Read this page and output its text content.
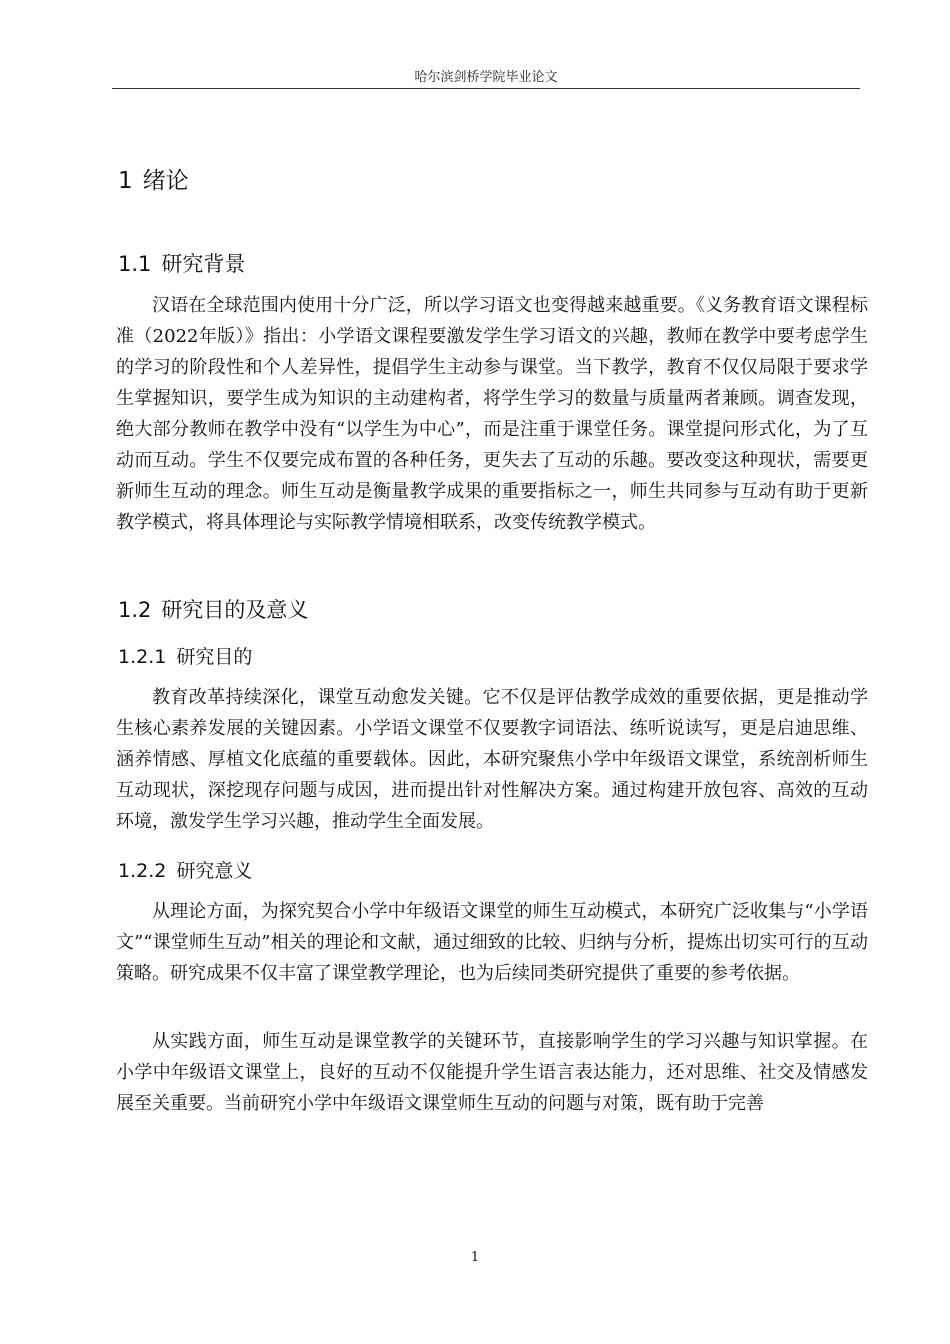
哈尔滨剑桥学院毕业论文
1 绪论
1.1 研究背景

汉语在全球范围内使用十分广泛，所以学习语文也变得越来越重要。《义务教育语文课程标准（2022年版）》指出：小学语文课程要激发学生学习语文的兴趣，教师在教学中要考虑学生的学习的阶段性和个人差异性，提倡学生主动参与课堂。当下教学，教育不仅仅局限于要求学生掌握知识，要学生成为知识的主动建构者，将学生学习的数量与质量两者兼顾。调查发现，绝大部分教师在教学中没有“以学生为中心”，而是注重于课堂任务。课堂提问形式化，为了互动而互动。学生不仅要完成布置的各种任务，更失去了互动的乐趣。要改变这种现状，需要更新师生互动的理念。师生互动是衡量教学成果的重要指标之一，师生共同参与互动有助于更新教学模式，将具体理论与实际教学情境相联系，改变传统教学模式。

1.2 研究目的及意义
1.2.1 研究目的

教育改革持续深化，课堂互动愈发关键。它不仅是评估教学成效的重要依据，更是推动学生核心素养发展的关键因素。小学语文课堂不仅要教字词语法、练听说读写，更是启迪思维、涵养情感、厚植文化底蕴的重要载体。因此，本研究聚焦小学中年级语文课堂，系统剖析师生互动现状，深挖现存问题与成因，进而提出针对性解决方案。通过构建开放包容、高效的互动环境，激发学生学习兴趣，推动学生全面发展。

1.2.2 研究意义

从理论方面，为探究契合小学中年级语文课堂的师生互动模式，本研究广泛收集与“小学语文”“课堂师生互动”相关的理论和文献，通过细致的比较、归纳与分析，提炼出切实可行的互动策略。研究成果不仅丰富了课堂教学理论，也为后续同类研究提供了重要的参考依据。

从实践方面，师生互动是课堂教学的关键环节，直接影响学生的学习兴趣与知识掌握。在小学中年级语文课堂上，良好的互动不仅能提升学生语言表达能力，还对思维、社交及情感发展至关重要。当前研究小学中年级语文课堂师生互动的问题与对策，既有助于完善

1
